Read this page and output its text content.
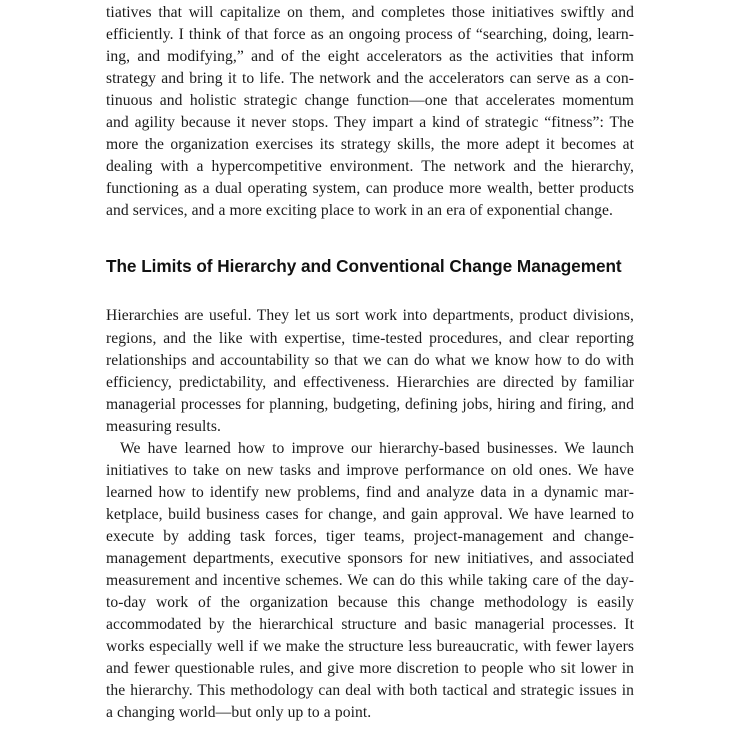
tiatives that will capitalize on them, and completes those initiatives swiftly and efficiently. I think of that force as an ongoing process of “searching, doing, learning, and modifying,” and of the eight accelerators as the activities that inform strategy and bring it to life. The network and the accelerators can serve as a continuous and holistic strategic change function—one that accelerates momentum and agility because it never stops. They impart a kind of strategic “fitness”: The more the organization exercises its strategy skills, the more adept it becomes at dealing with a hypercompetitive environment. The network and the hierarchy, functioning as a dual operating system, can produce more wealth, better products and services, and a more exciting place to work in an era of exponential change.

The Limits of Hierarchy and Conventional Change Management

Hierarchies are useful. They let us sort work into departments, product divisions, regions, and the like with expertise, time-tested procedures, and clear reporting relationships and accountability so that we can do what we know how to do with efficiency, predictability, and effectiveness. Hierarchies are directed by familiar managerial processes for planning, budgeting, defining jobs, hiring and firing, and measuring results.

We have learned how to improve our hierarchy-based businesses. We launch initiatives to take on new tasks and improve performance on old ones. We have learned how to identify new problems, find and analyze data in a dynamic marketplace, build business cases for change, and gain approval. We have learned to execute by adding task forces, tiger teams, project-management and change-management departments, executive sponsors for new initiatives, and associated measurement and incentive schemes. We can do this while taking care of the day-to-day work of the organization because this change methodology is easily accommodated by the hierarchical structure and basic managerial processes. It works especially well if we make the structure less bureaucratic, with fewer layers and fewer questionable rules, and give more discretion to people who sit lower in the hierarchy. This methodology can deal with both tactical and strategic issues in a changing world—but only up to a point.
